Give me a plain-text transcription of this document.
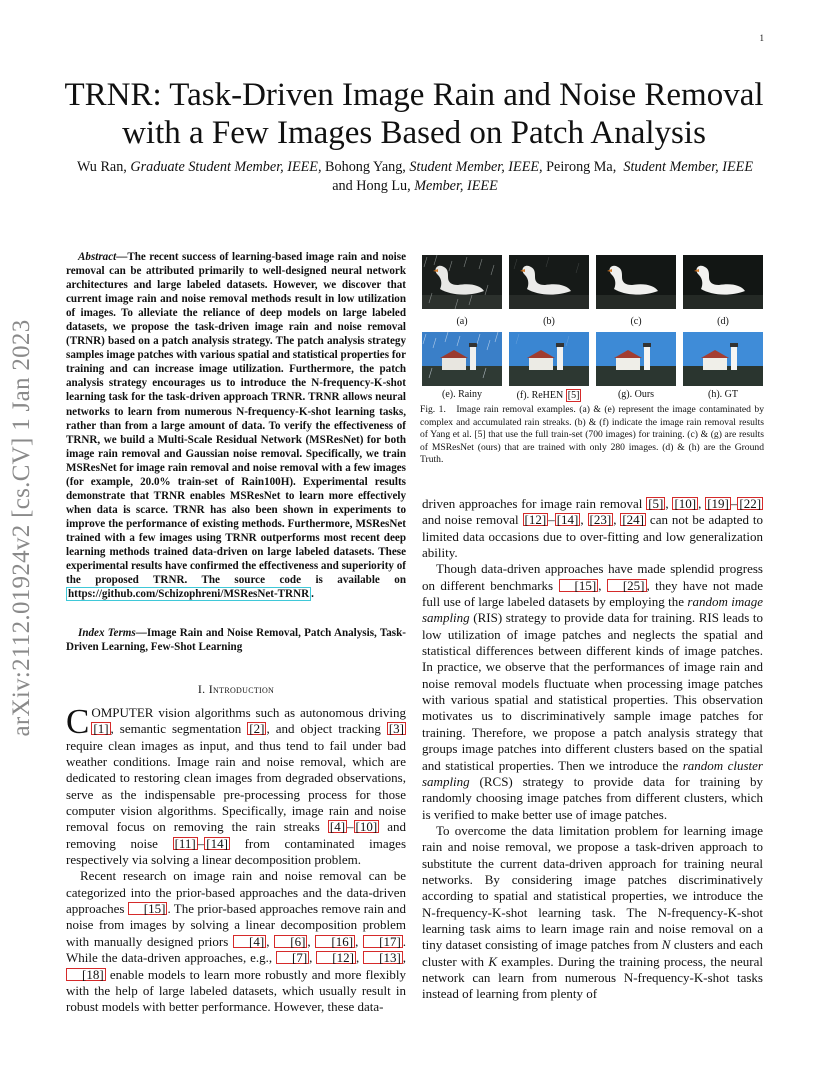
1
arXiv:2112.01924v2 [cs.CV] 1 Jan 2023
TRNR: Task-Driven Image Rain and Noise Removal
with a Few Images Based on Patch Analysis
Wu Ran, Graduate Student Member, IEEE, Bohong Yang, Student Member, IEEE, Peirong Ma, Student Member, IEEE and Hong Lu, Member, IEEE

Abstract—The recent success of learning-based image rain and noise removal can be attributed primarily to well-designed neural network architectures and large labeled datasets. However, we discover that current image rain and noise removal methods result in low utilization of images. To alleviate the reliance of deep models on large labeled datasets, we propose the task-driven image rain and noise removal (TRNR) based on a patch analysis strategy. The patch analysis strategy samples image patches with various spatial and statistical properties for training and can increase image utilization. Furthermore, the patch analysis strategy encourages us to introduce the N-frequency-K-shot learning task for the task-driven approach TRNR. TRNR allows neural networks to learn from numerous N-frequency-K-shot learning tasks, rather than from a large amount of data. To verify the effectiveness of TRNR, we build a Multi-Scale Residual Network (MSResNet) for both image rain removal and Gaussian noise removal. Specifically, we train MSResNet for image rain removal and noise removal with a few images (for example, 20.0% train-set of Rain100H). Experimental results demonstrate that TRNR enables MSResNet to learn more effectively when data is scarce. TRNR has also been shown in experiments to improve the performance of existing methods. Furthermore, MSResNet trained with a few images using TRNR outperforms most recent deep learning methods trained data-driven on large labeled datasets. These experimental results have confirmed the effectiveness and superiority of the proposed TRNR. The source code is available on https://github.com/Schizophreni/MSResNet-TRNR .

Index Terms—Image Rain and Noise Removal, Patch Analysis, Task-Driven Learning, Few-Shot Learning

I. Introduction

COMPUTER vision algorithms such as autonomous driving [1] , semantic segmentation [2] , and object tracking [3] require clean images as input, and thus tend to fail under bad weather conditions. Image rain and noise removal, which are dedicated to restoring clean images from degraded observations, serve as the indispensable pre-processing process for those computer vision algorithms. Specifically, image rain and noise removal focus on removing the rain streaks [4] – [10] and removing noise [11] – [14] from contaminated images respectively via solving a linear decomposition problem.

Recent research on image rain and noise removal can be categorized into the prior-based approaches and the data-driven approaches [15] . The prior-based approaches remove rain and noise from images by solving a linear decomposition problem with manually designed priors [4] , [6] , [16] , [17] . While the data-driven approaches, e.g., [7] , [12] , [13] , [18] enable models to learn more robustly and more flexibly with the help of large labeled datasets, which usually result in robust models with better performance. However, these data-

(a)	(b)	(c)	(d)
(e). Rainy	(f). ReHEN [5]	(g). Ours	(h). GT

Fig. 1. Image rain removal examples. (a) & (e) represent the image contaminated by complex and accumulated rain streaks. (b) & (f) indicate the image rain removal results of Yang et al. [5] that use the full train-set (700 images) for training. (c) & (g) are results of MSResNet (ours) that are trained with only 280 images. (d) & (h) are the Ground Truth.

driven approaches for image rain removal [5] , [10] , [19] – [22] and noise removal [12] – [14] , [23] , [24] can not be adapted to limited data occasions due to over-fitting and low generalization ability.

Though data-driven approaches have made splendid progress on different benchmarks [15] , [25] , they have not made full use of large labeled datasets by employing the random image sampling (RIS) strategy to provide data for training. RIS leads to low utilization of image patches and neglects the spatial and statistical differences between different kinds of image patches. In practice, we observe that the performances of image rain and noise removal models fluctuate when processing image patches with various spatial and statistical properties. This observation motivates us to discriminatively sample image patches for training. Therefore, we propose a patch analysis strategy that groups image patches into different clusters based on the spatial and statistical properties. Then we introduce the random cluster sampling (RCS) strategy to provide data for training by randomly choosing image patches from different clusters, which is verified to make better use of image patches.

To overcome the data limitation problem for learning image rain and noise removal, we propose a task-driven approach to substitute the current data-driven approach for training neural networks. By considering image patches discriminatively according to spatial and statistical properties, we introduce the N-frequency-K-shot learning task. The N-frequency-K-shot learning task aims to learn image rain and noise removal on a tiny dataset consisting of image patches from N clusters and each cluster with K examples. During the training process, the neural network can learn from numerous N-frequency-K-shot tasks instead of learning from plenty of
